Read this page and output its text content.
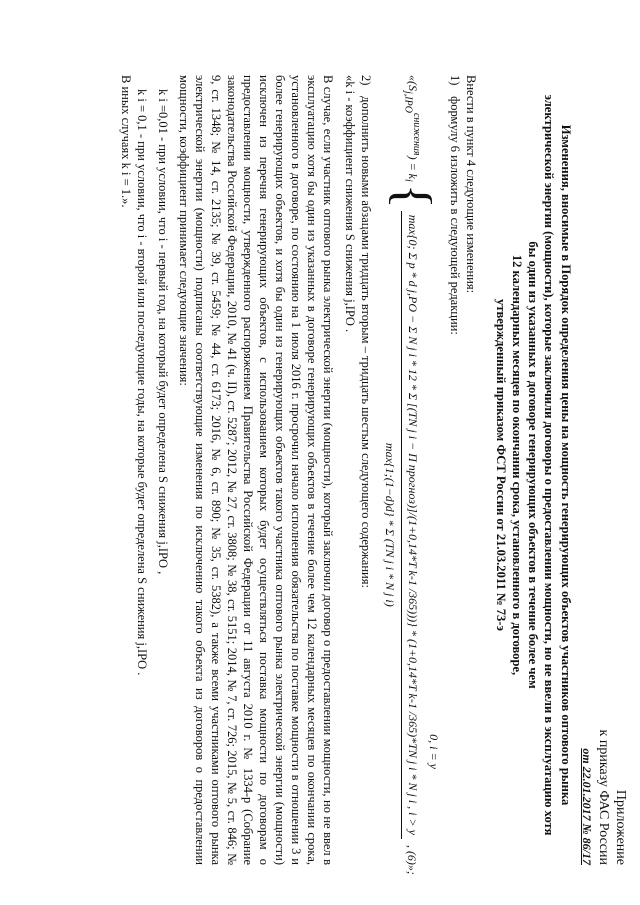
Приложение
к приказу ФАС России
от 22.01.2017 № 86/17
Изменения, вносимые в Порядок определения цены на мощность генерирующих объектов участников оптового рынка
электрической энергии (мощности), которые заключили договоры о предоставлении мощности, но не ввели в эксплуатацию хотя
бы один из указанных в договоре генерирующих объектов в течение более чем
12 календарных месяцев по окончании срока, установленного в договоре,
утвержденный приказом ФСТ России от 21.03.2011 № 73-э

Внести в пункт 4 следующие изменения:

1) формулу 6 изложить в следующей редакции:

«$(S_{j,IPO}^{снижения}) = k_i$
{
0, i = y
max{0; Σ p * d j,PO − Σ N j i * 12 * Σ [(TN j i − Π прогноз)]/(1+0,14*T k-1 /365)))} * (1+0,14*T k-1 /365)*TN j i * N j i , i > y
max{1;(1−d)d} * Σ (TN j i * N j i)
, (6)»;

2) дополнить новыми абзацами тридцать вторым – тридцать шестым следующего содержания:

«k i - коэффициент снижения S снижения j,IPO .

В случае, если участник оптового рынка электрической энергии (мощности), который заключил договор о предоставлении мощности, но не ввел в эксплуатацию хотя бы один из указанных в договоре генерирующих объектов в течение более чем 12 календарных месяцев по окончании срока, установленного в договоре, по состоянию на 1 июля 2016 г. просрочил начало исполнения обязательства по поставке мощности в отношении 3 и более генерирующих объектов, и хотя бы один из генерирующих объектов такого участника оптового рынка электрической энергии (мощности) исключен из перечня генерирующих объектов, с использованием которых будет осуществляться поставка мощности по договорам о предоставлении мощности, утвержденного распоряжением Правительства Российской Федерации от 11 августа 2010 г. № 1334-р (Собрание законодательства Российской Федерации, 2010, № 41 (ч. II), ст. 5287; 2012, № 27, ст. 3808; № 38, ст. 5151; 2014, № 7, ст. 726; 2015, № 5, ст. 846; № 9, ст. 1348; № 14, ст. 2135; № 39, ст. 5459; № 44, ст. 6173; 2016, № 6, ст. 890; № 35, ст. 5382), а также всеми участниками оптового рынка электрической энергии (мощности) подписаны соответствующие изменения по исключению такого объекта из договоров о предоставлении мощности, коэффициент принимает следующие значения:

k i =0,01 - при условии, что i - первый год, на который будет определена S снижения j,IPO ,

k i = 0,1 - при условии, что i - второй или последующие годы, на которые будет определена S снижения j,IPO .

В иных случаях k i = 1.».
